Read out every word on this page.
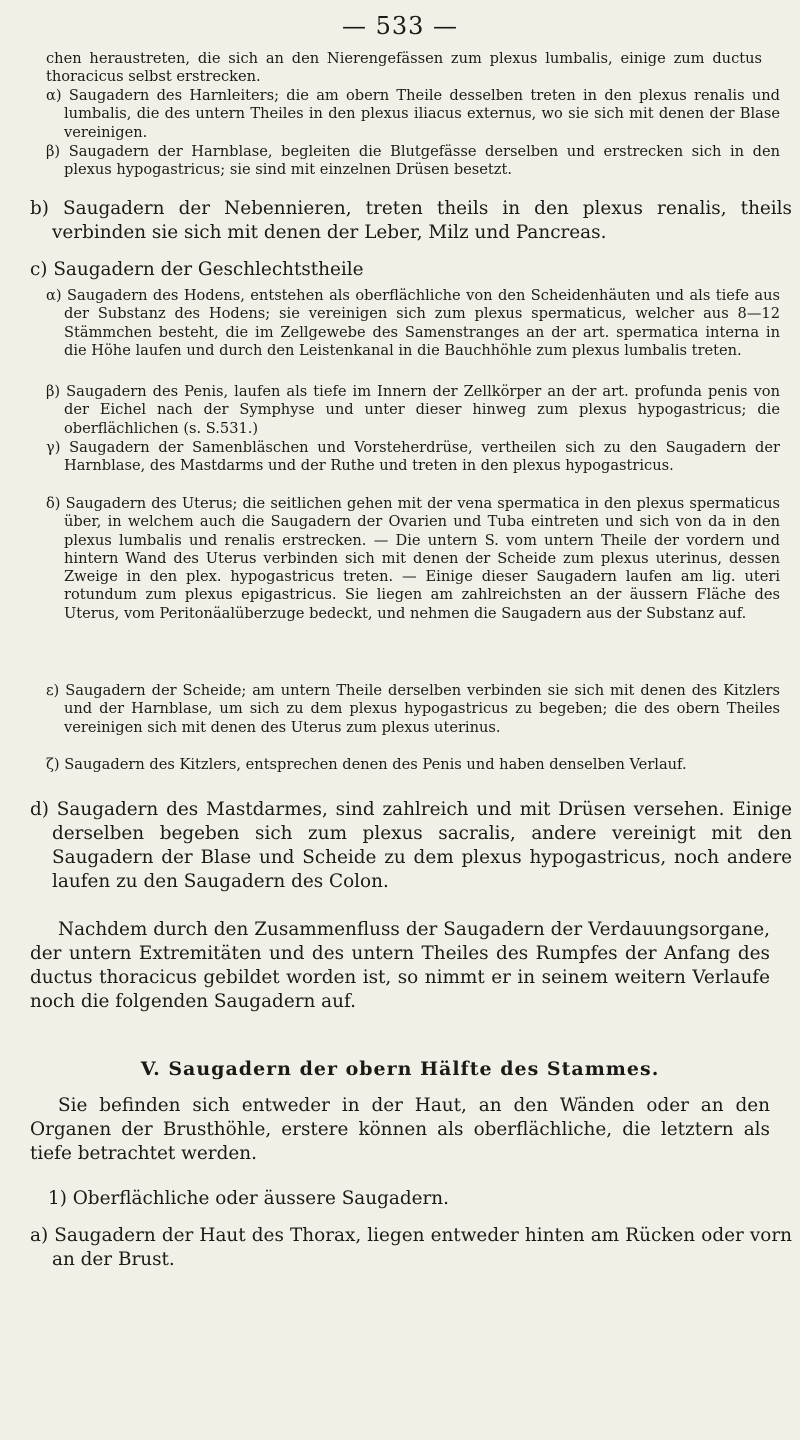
— 533 —

chen heraustreten, die sich an den Nierengefässen zum plexus lumbalis, einige zum ductus thoracicus selbst erstrecken.

α) Saugadern des Harnleiters; die am obern Theile desselben treten in den plexus renalis und lumbalis, die des untern Theiles in den plexus iliacus externus, wo sie sich mit denen der Blase vereinigen.

β) Saugadern der Harnblase, begleiten die Blutgefässe derselben und erstrecken sich in den plexus hypogastricus; sie sind mit einzelnen Drüsen besetzt.

b) Saugadern der Nebennieren, treten theils in den plexus renalis, theils verbinden sie sich mit denen der Leber, Milz und Pancreas.

c) Saugadern der Geschlechtstheile

α) Saugadern des Hodens, entstehen als oberflächliche von den Scheidenhäuten und als tiefe aus der Substanz des Hodens; sie vereinigen sich zum plexus spermaticus, welcher aus 8—12 Stämmchen besteht, die im Zellgewebe des Samenstranges an der art. spermatica interna in die Höhe laufen und durch den Leistenkanal in die Bauchhöhle zum plexus lumbalis treten.

β) Saugadern des Penis, laufen als tiefe im Innern der Zellkörper an der art. profunda penis von der Eichel nach der Symphyse und unter dieser hinweg zum plexus hypogastricus; die oberflächlichen (s. S.531.)

γ) Saugadern der Samenbläschen und Vorsteherdrüse, vertheilen sich zu den Saugadern der Harnblase, des Mastdarms und der Ruthe und treten in den plexus hypogastricus.

δ) Saugadern des Uterus; die seitlichen gehen mit der vena spermatica in den plexus spermaticus über, in welchem auch die Saugadern der Ovarien und Tuba eintreten und sich von da in den plexus lumbalis und renalis erstrecken. — Die untern S. vom untern Theile der vordern und hintern Wand des Uterus verbinden sich mit denen der Scheide zum plexus uterinus, dessen Zweige in den plex. hypogastricus treten. — Einige dieser Saugadern laufen am lig. uteri rotundum zum plexus epigastricus. Sie liegen am zahlreichsten an der äussern Fläche des Uterus, vom Peritonäalüberzuge bedeckt, und nehmen die Saugadern aus der Substanz auf.

ε) Saugadern der Scheide; am untern Theile derselben verbinden sie sich mit denen des Kitzlers und der Harnblase, um sich zu dem plexus hypogastricus zu begeben; die des obern Theiles vereinigen sich mit denen des Uterus zum plexus uterinus.

ζ) Saugadern des Kitzlers, entsprechen denen des Penis und haben denselben Verlauf.

d) Saugadern des Mastdarmes, sind zahlreich und mit Drüsen versehen. Einige derselben begeben sich zum plexus sacralis, andere vereinigt mit den Saugadern der Blase und Scheide zu dem plexus hypogastricus, noch andere laufen zu den Saugadern des Colon.

Nachdem durch den Zusammenfluss der Saugadern der Verdauungsorgane, der untern Extremitäten und des untern Theiles des Rumpfes der Anfang des ductus thoracicus gebildet worden ist, so nimmt er in seinem weitern Verlaufe noch die folgenden Saugadern auf.

V. Saugadern der obern Hälfte des Stammes.

Sie befinden sich entweder in der Haut, an den Wänden oder an den Organen der Brusthöhle, erstere können als oberflächliche, die letztern als tiefe betrachtet werden.

1) Oberflächliche oder äussere Saugadern.

a) Saugadern der Haut des Thorax, liegen entweder hinten am Rücken oder vorn an der Brust.
